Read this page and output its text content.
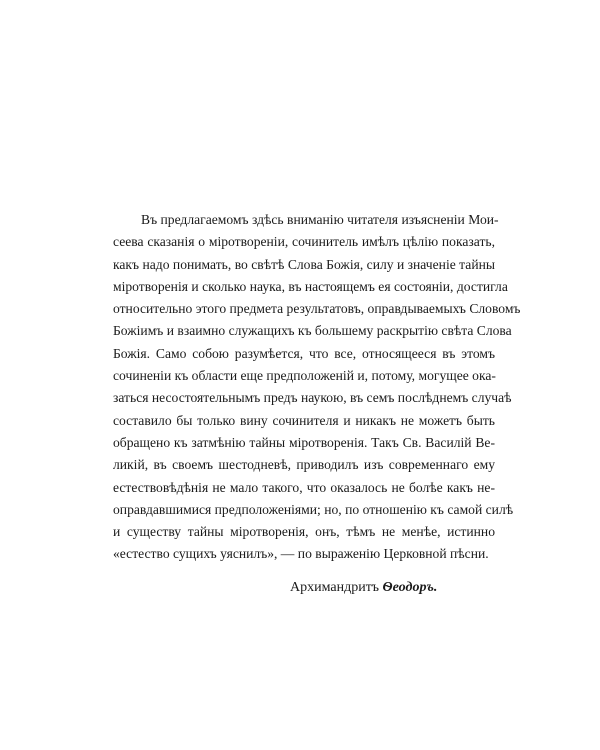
Въ предлагаемомъ здѣсь вниманію читателя изъясненіи Мои-
сеева сказанія о мiротвореніи, сочинитель имѣлъ цѣлію показать,
какъ надо понимать, во свѣтѣ Слова Божія, силу и значеніе тайны
мiротворенія и сколько наука, въ настоящемъ ея состояніи, достигла
относительно этого предмета результатовъ, оправдываемыхъ Словомъ
Божіимъ и взаимно служащихъ къ большему раскрытію свѣта Слова
Божія. Само собою разумѣется, что все, относящееся въ этомъ
сочиненіи къ области еще предположеній и, потому, могущее ока-
заться несостоятельнымъ предъ наукою, въ семъ послѣднемъ случаѣ
составило бы только вину сочинителя и никакъ не можетъ быть
обращено къ затмѣнію тайны мiротворенія. Такъ Св. Василій Ве-
ликій, въ своемъ шестодневѣ, приводилъ изъ современнаго ему
естествовѣдѣнія не мало такого, что оказалось не болѣе какъ не-
оправдавшимися предположеніями; но, по отношенію къ самой силѣ
и существу тайны мiротворенія, онъ, тѣмъ не менѣе, истинно
«естество сущихъ уяснилъ», — по выраженію Церковной пѣсни.
Архимандритъ Ѳеодоръ.
